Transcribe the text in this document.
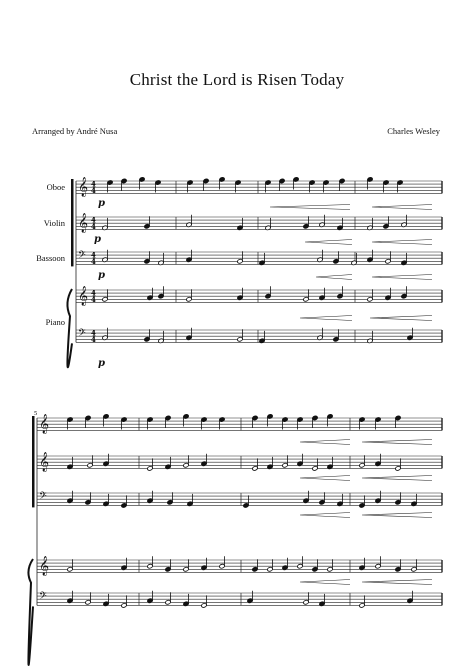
Christ the Lord is Risen Today
Arranged by André Nusa	Charles Wesley
Oboe
Violin
Bassoon
Piano
p
p
p
p
5
𝄞
𝄞
𝄢
𝄞
𝄢
𝄞
𝄞
𝄢
𝄞
𝄢
4
4
4
4
4
4
4
4
4
4
